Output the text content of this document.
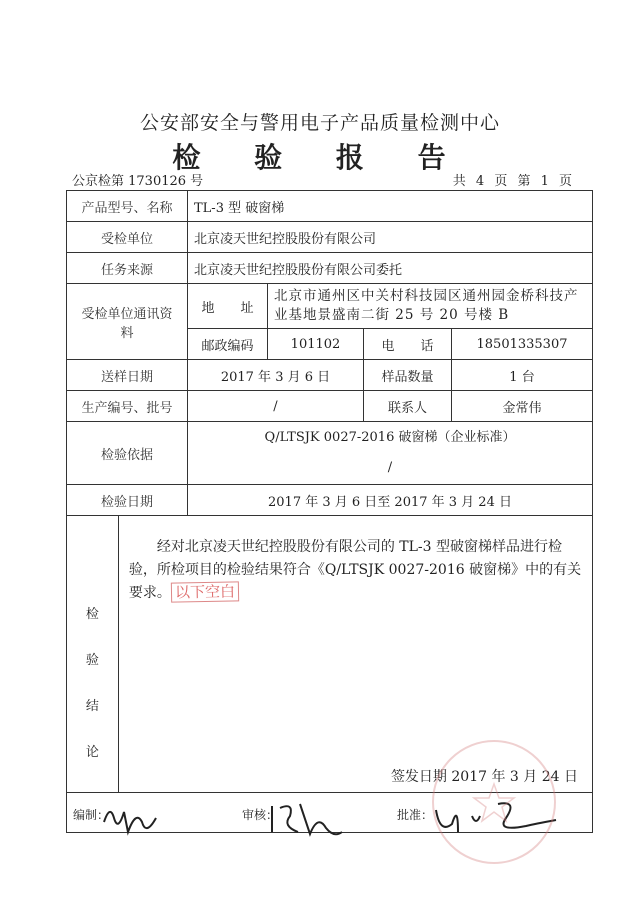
公安部安全与警用电子产品质量检测中心
检 验 报 告
公京检第 1730126 号	共 4 页 第 1 页
产品型号、名称		TL-3 型 破窗梯			
受检单位		北京凌天世纪控股股份有限公司			
任务来源		北京凌天世纪控股股份有限公司委托			
受检单位通讯资料		地　　址	北京市通州区中关村科技园区通州园金桥科技产业基地景盛南二街 25 号 20 号楼 B		
		邮政编码	101102	电　　话	18501335307
送样日期		2017 年 3 月 6 日		样品数量	1 台
生产编号、批号		/		联系人	金常伟
检验依据		Q/LTSJK 0027-2016 破窗梯（企业标准）
/			

检验日期		2017 年 3 月 6 日至 2017 年 3 月 24 日			
检 验 结 论	经对北京凌天世纪控股股份有限公司的 TL-3 型破窗梯样品进行检验，所检项目的检验结果符合《Q/LTSJK 0027-2016 破窗梯》中的有关要求。 以下空白

签发日期 2017 年 3 月 24 日				

编制： 审核： 批准：					
